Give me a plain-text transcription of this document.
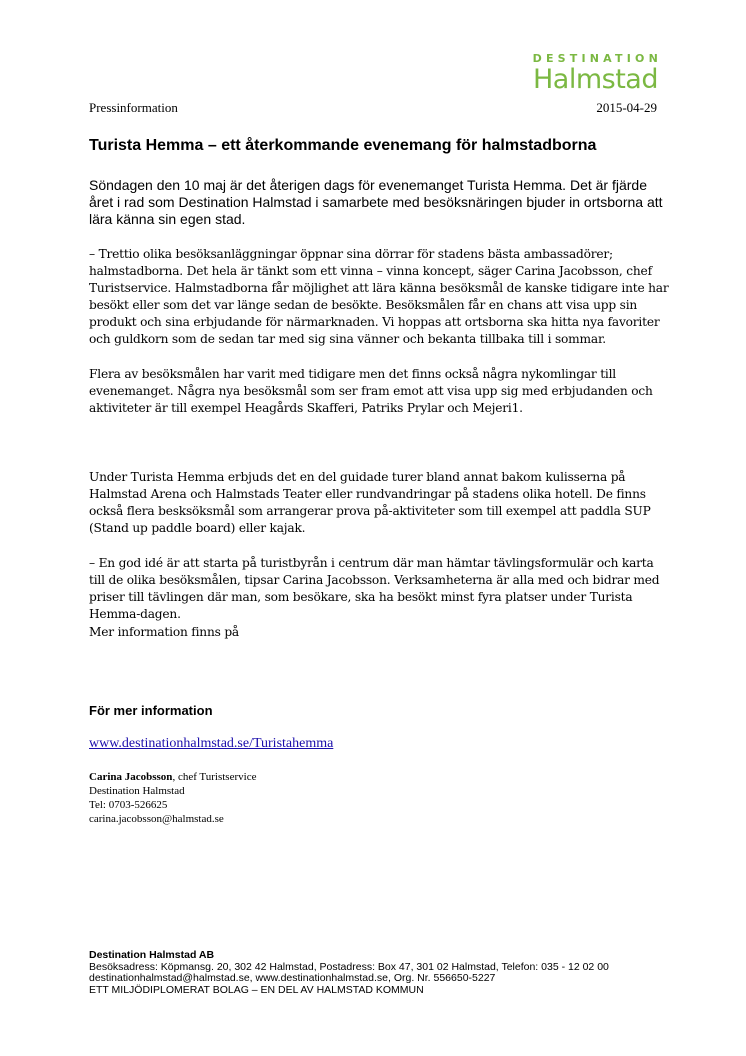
DESTINATION
Halmstad
Pressinformation	2015-04-29
Turista Hemma – ett återkommande evenemang för halmstadborna

Söndagen den 10 maj är det återigen dags för evenemanget Turista Hemma. Det är fjärde året i rad som Destination Halmstad i samarbete med besöksnäringen bjuder in ortsborna att lära känna sin egen stad.

– Trettio olika besöksanläggningar öppnar sina dörrar för stadens bästa ambassadörer; halmstadborna. Det hela är tänkt som ett vinna – vinna koncept, säger Carina Jacobsson, chef Turistservice. Halmstadborna får möjlighet att lära känna besöksmål de kanske tidigare inte har besökt eller som det var länge sedan de besökte. Besöksmålen får en chans att visa upp sin produkt och sina erbjudande för närmarknaden. Vi hoppas att ortsborna ska hitta nya favoriter och guldkorn som de sedan tar med sig sina vänner och bekanta tillbaka till i sommar.

Flera av besöksmålen har varit med tidigare men det finns också några nykomlingar till evenemanget. Några nya besöksmål som ser fram emot att visa upp sig med erbjudanden och aktiviteter är till exempel Heagårds Skafferi, Patriks Prylar och Mejeri1.

Under Turista Hemma erbjuds det en del guidade turer bland annat bakom kulisserna på Halmstad Arena och Halmstads Teater eller rundvandringar på stadens olika hotell. De finns också flera besksöksmål som arrangerar prova på-aktiviteter som till exempel att paddla SUP (Stand up paddle board) eller kajak.

– En god idé är att starta på turistbyrån i centrum där man hämtar tävlingsformulär och karta till de olika besöksmålen, tipsar Carina Jacobsson. Verksamheterna är alla med och bidrar med priser till tävlingen där man, som besökare, ska ha besökt minst fyra platser under Turista Hemma-dagen.

Mer information finns på

För mer information
www.destinationhalmstad.se/Turistahemma
Carina Jacobsson, chef Turistservice
Destination Halmstad
Tel: 0703-526625
carina.jacobsson@halmstad.se
Destination Halmstad AB
Besöksadress: Köpmansg. 20, 302 42 Halmstad, Postadress: Box 47, 301 02 Halmstad, Telefon: 035 - 12 02 00
destinationhalmstad@halmstad.se, www.destinationhalmstad.se, Org. Nr. 556650-5227
ETT MILJÖDIPLOMERAT BOLAG – EN DEL AV HALMSTAD KOMMUN
